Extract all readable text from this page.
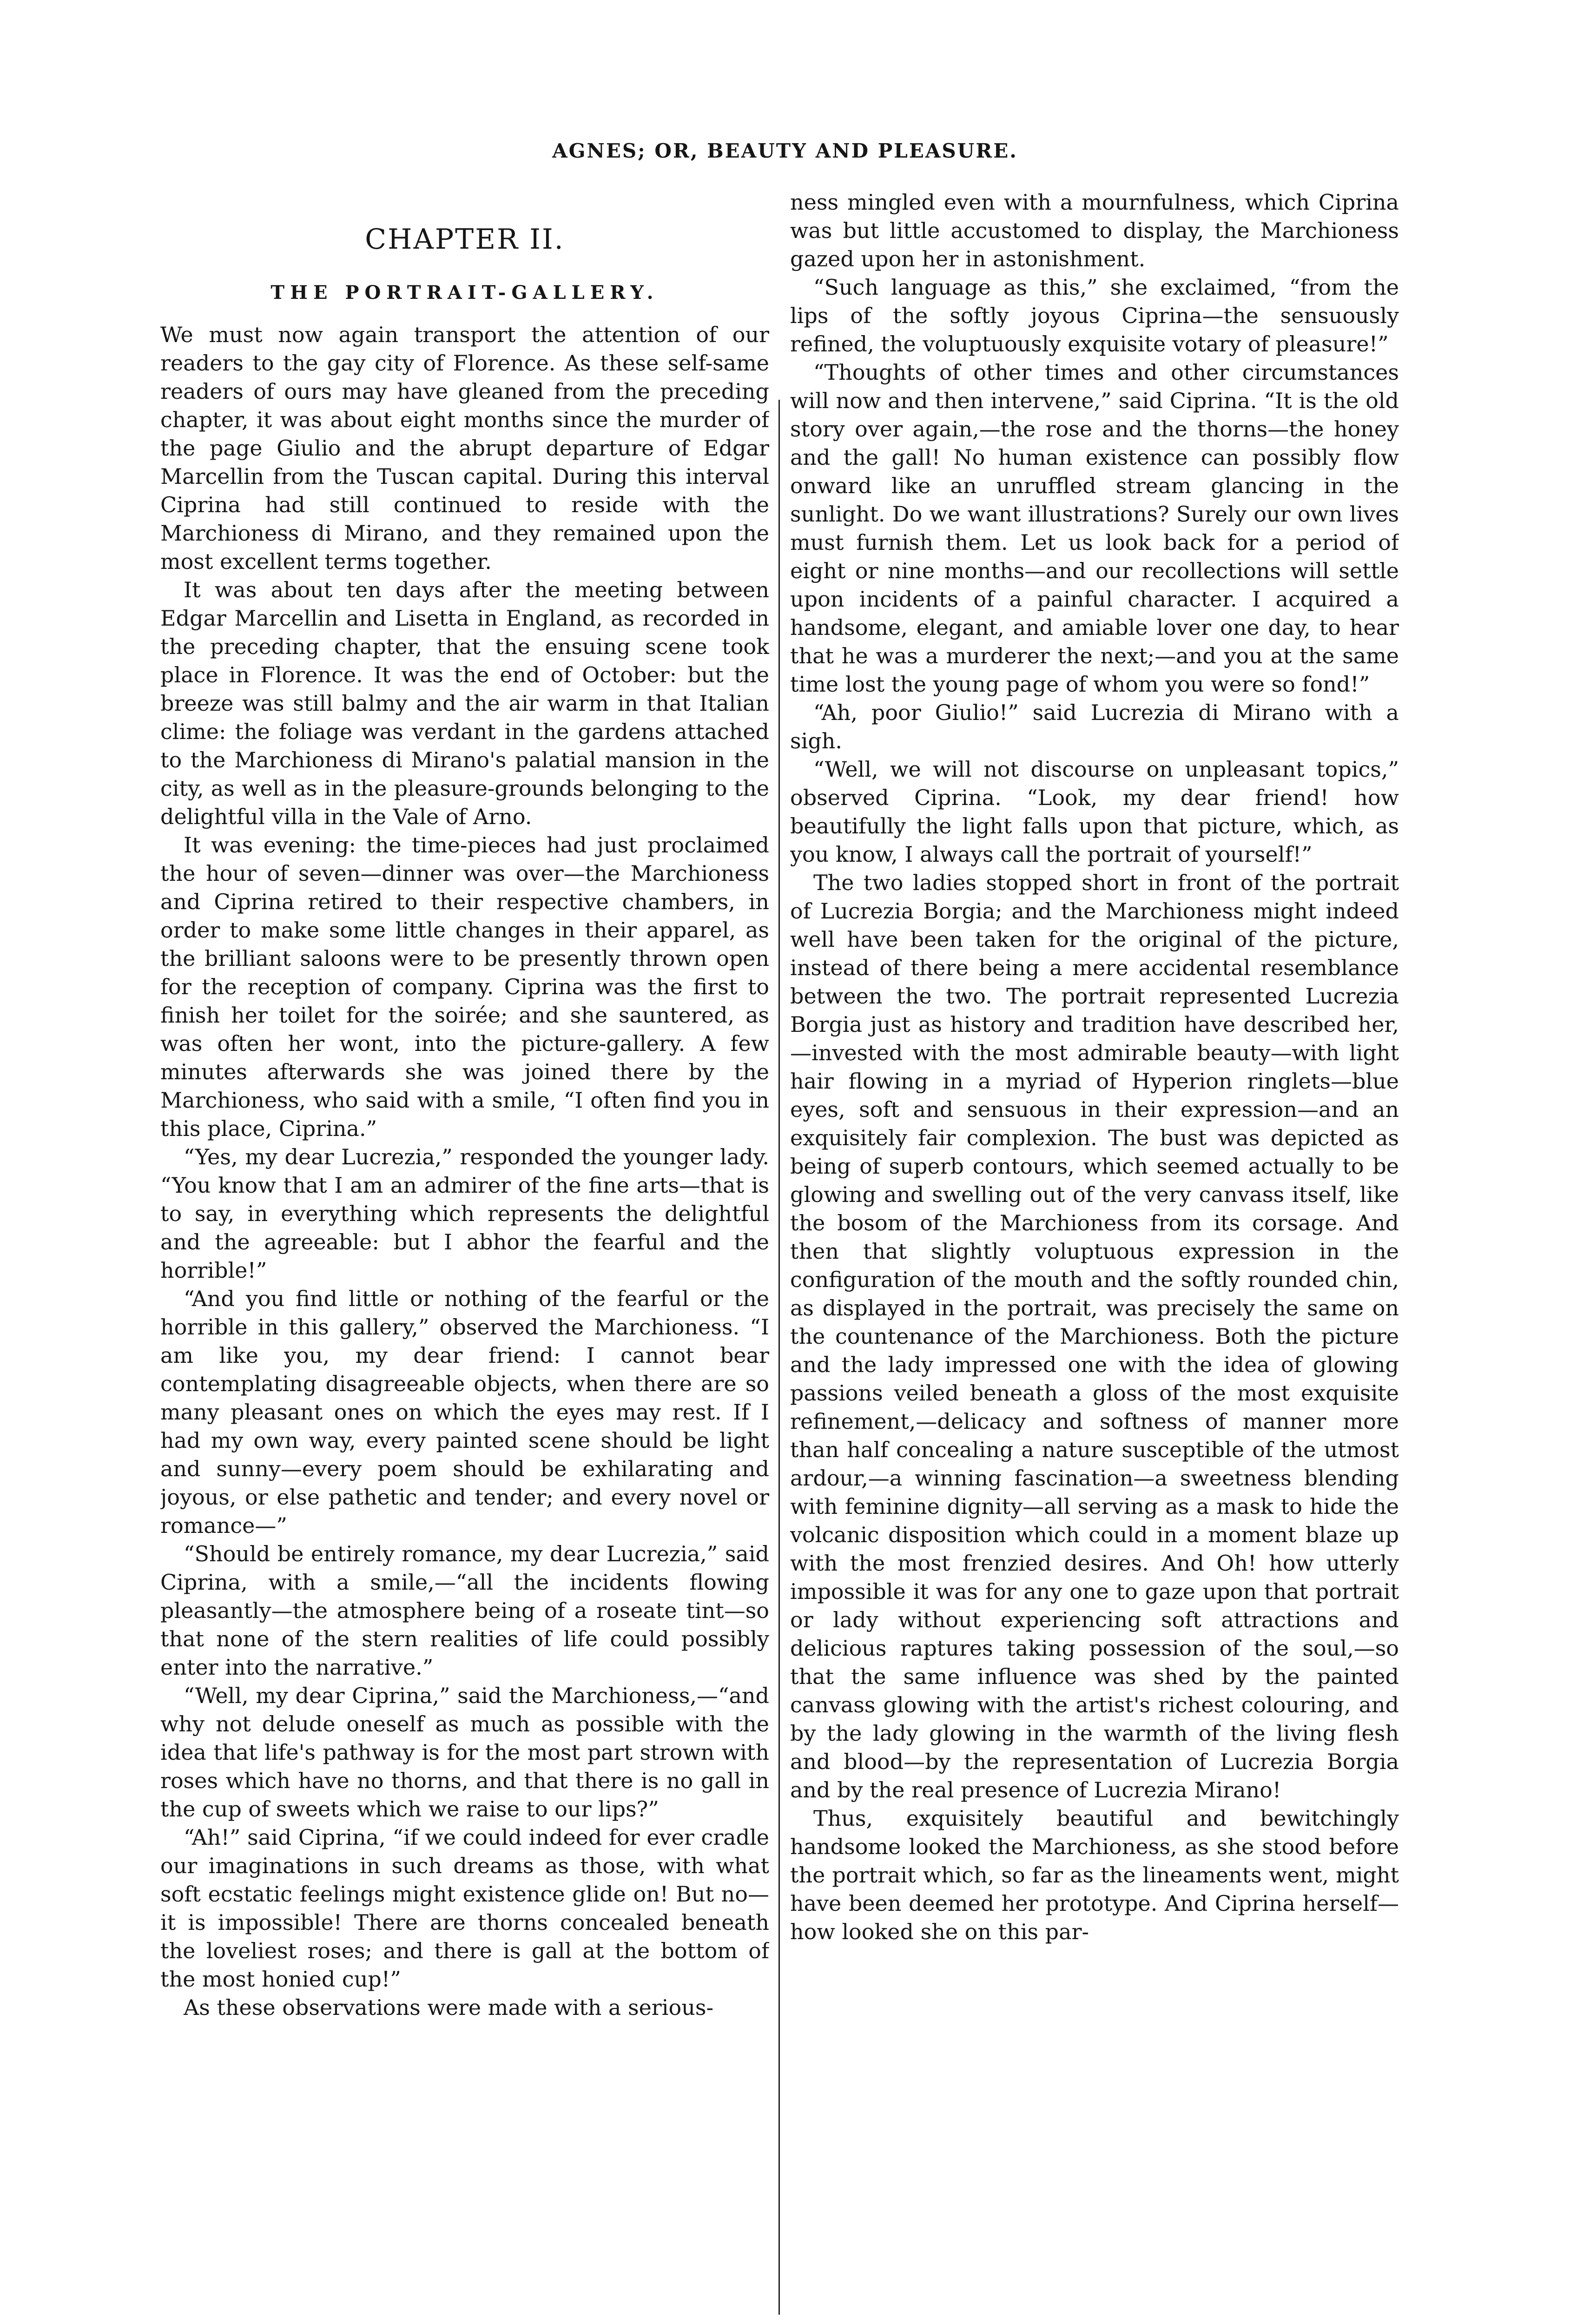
AGNES; OR, BEAUTY AND PLEASURE.
CHAPTER II.
THE PORTRAIT-GALLERY.

We must now again transport the attention of our readers to the gay city of Florence. As these self-same readers of ours may have gleaned from the preceding chapter, it was about eight months since the murder of the page Giulio and the abrupt departure of Edgar Marcellin from the Tuscan capital. During this interval Ciprina had still continued to reside with the Marchioness di Mirano, and they remained upon the most excellent terms together.

It was about ten days after the meeting between Edgar Marcellin and Lisetta in England, as recorded in the preceding chapter, that the ensuing scene took place in Florence. It was the end of October: but the breeze was still balmy and the air warm in that Italian clime: the foliage was verdant in the gardens attached to the Marchioness di Mirano's palatial mansion in the city, as well as in the pleasure-grounds belonging to the delightful villa in the Vale of Arno.

It was evening: the time-pieces had just proclaimed the hour of seven—dinner was over—the Marchioness and Ciprina retired to their respective chambers, in order to make some little changes in their apparel, as the brilliant saloons were to be presently thrown open for the reception of company. Ciprina was the first to finish her toilet for the soirée; and she sauntered, as was often her wont, into the picture-gallery. A few minutes afterwards she was joined there by the Marchioness, who said with a smile, “I often find you in this place, Ciprina.”

“Yes, my dear Lucrezia,” responded the younger lady. “You know that I am an admirer of the fine arts—that is to say, in everything which represents the delightful and the agreeable: but I abhor the fearful and the horrible!”

“And you find little or nothing of the fearful or the horrible in this gallery,” observed the Marchioness. “I am like you, my dear friend: I cannot bear contemplating disagreeable objects, when there are so many pleasant ones on which the eyes may rest. If I had my own way, every painted scene should be light and sunny—every poem should be exhilarating and joyous, or else pathetic and tender; and every novel or romance—”

“Should be entirely romance, my dear Lucrezia,” said Ciprina, with a smile,—“all the incidents flowing pleasantly—the atmosphere being of a roseate tint—so that none of the stern realities of life could possibly enter into the narrative.”

“Well, my dear Ciprina,” said the Marchioness,—“and why not delude oneself as much as possible with the idea that life's pathway is for the most part strown with roses which have no thorns, and that there is no gall in the cup of sweets which we raise to our lips?”

“Ah!” said Ciprina, “if we could indeed for ever cradle our imaginations in such dreams as those, with what soft ecstatic feelings might existence glide on! But no—it is impossible! There are thorns concealed beneath the loveliest roses; and there is gall at the bottom of the most honied cup!”

As these observations were made with a serious-

ness mingled even with a mournfulness, which Ciprina was but little accustomed to display, the Marchioness gazed upon her in astonishment.

“Such language as this,” she exclaimed, “from the lips of the softly joyous Ciprina—the sensuously refined, the voluptuously exquisite votary of pleasure!”

“Thoughts of other times and other circumstances will now and then intervene,” said Ciprina. “It is the old story over again,—the rose and the thorns—the honey and the gall! No human existence can possibly flow onward like an unruffled stream glancing in the sunlight. Do we want illustrations? Surely our own lives must furnish them. Let us look back for a period of eight or nine months—and our recollections will settle upon incidents of a painful character. I acquired a handsome, elegant, and amiable lover one day, to hear that he was a murderer the next;—and you at the same time lost the young page of whom you were so fond!”

“Ah, poor Giulio!” said Lucrezia di Mirano with a sigh.

“Well, we will not discourse on unpleasant topics,” observed Ciprina. “Look, my dear friend! how beautifully the light falls upon that picture, which, as you know, I always call the portrait of yourself!”

The two ladies stopped short in front of the portrait of Lucrezia Borgia; and the Marchioness might indeed well have been taken for the original of the picture, instead of there being a mere accidental resemblance between the two. The portrait represented Lucrezia Borgia just as history and tradition have described her,—invested with the most admirable beauty—with light hair flowing in a myriad of Hyperion ringlets—blue eyes, soft and sensuous in their expression—and an exquisitely fair complexion. The bust was depicted as being of superb contours, which seemed actually to be glowing and swelling out of the very canvass itself, like the bosom of the Marchioness from its corsage. And then that slightly voluptuous expression in the configuration of the mouth and the softly rounded chin, as displayed in the portrait, was precisely the same on the countenance of the Marchioness. Both the picture and the lady impressed one with the idea of glowing passions veiled beneath a gloss of the most exquisite refinement,—delicacy and softness of manner more than half concealing a nature susceptible of the utmost ardour,—a winning fascination—a sweetness blending with feminine dignity—all serving as a mask to hide the volcanic disposition which could in a moment blaze up with the most frenzied desires. And Oh! how utterly impossible it was for any one to gaze upon that portrait or lady without experiencing soft attractions and delicious raptures taking possession of the soul,—so that the same influence was shed by the painted canvass glowing with the artist's richest colouring, and by the lady glowing in the warmth of the living flesh and blood—by the representation of Lucrezia Borgia and by the real presence of Lucrezia Mirano!

Thus, exquisitely beautiful and bewitchingly handsome looked the Marchioness, as she stood before the portrait which, so far as the lineaments went, might have been deemed her prototype. And Ciprina herself—how looked she on this par-
